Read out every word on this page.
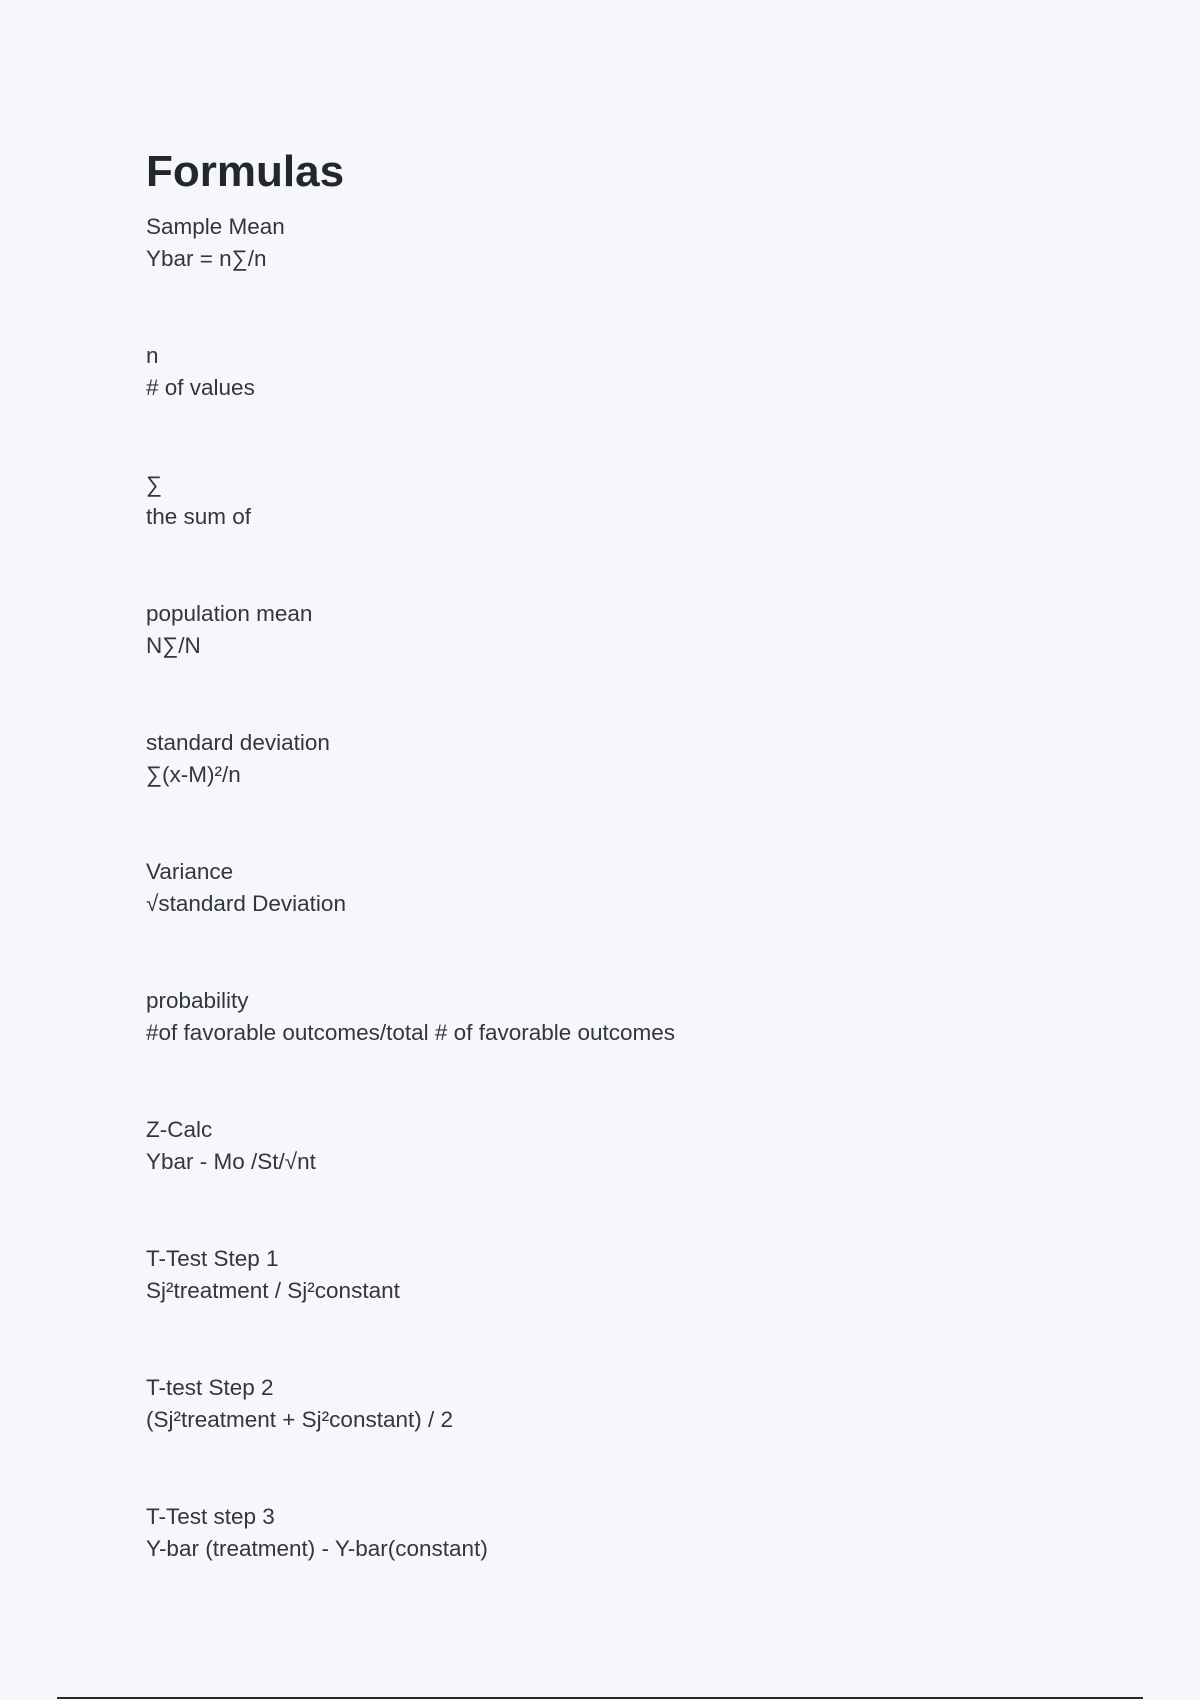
Formulas
Sample Mean
Ybar = n∑/n
n
# of values
∑
the sum of
population mean
N∑/N
standard deviation
∑(x-M)²/n
Variance
√standard Deviation
probability
#of favorable outcomes/total # of favorable outcomes
Z-Calc
Ybar - Mo /St/√nt
T-Test Step 1
Sj²treatment / Sj²constant
T-test Step 2
(Sj²treatment + Sj²constant) / 2
T-Test step 3
Y-bar (treatment) - Y-bar(constant)
